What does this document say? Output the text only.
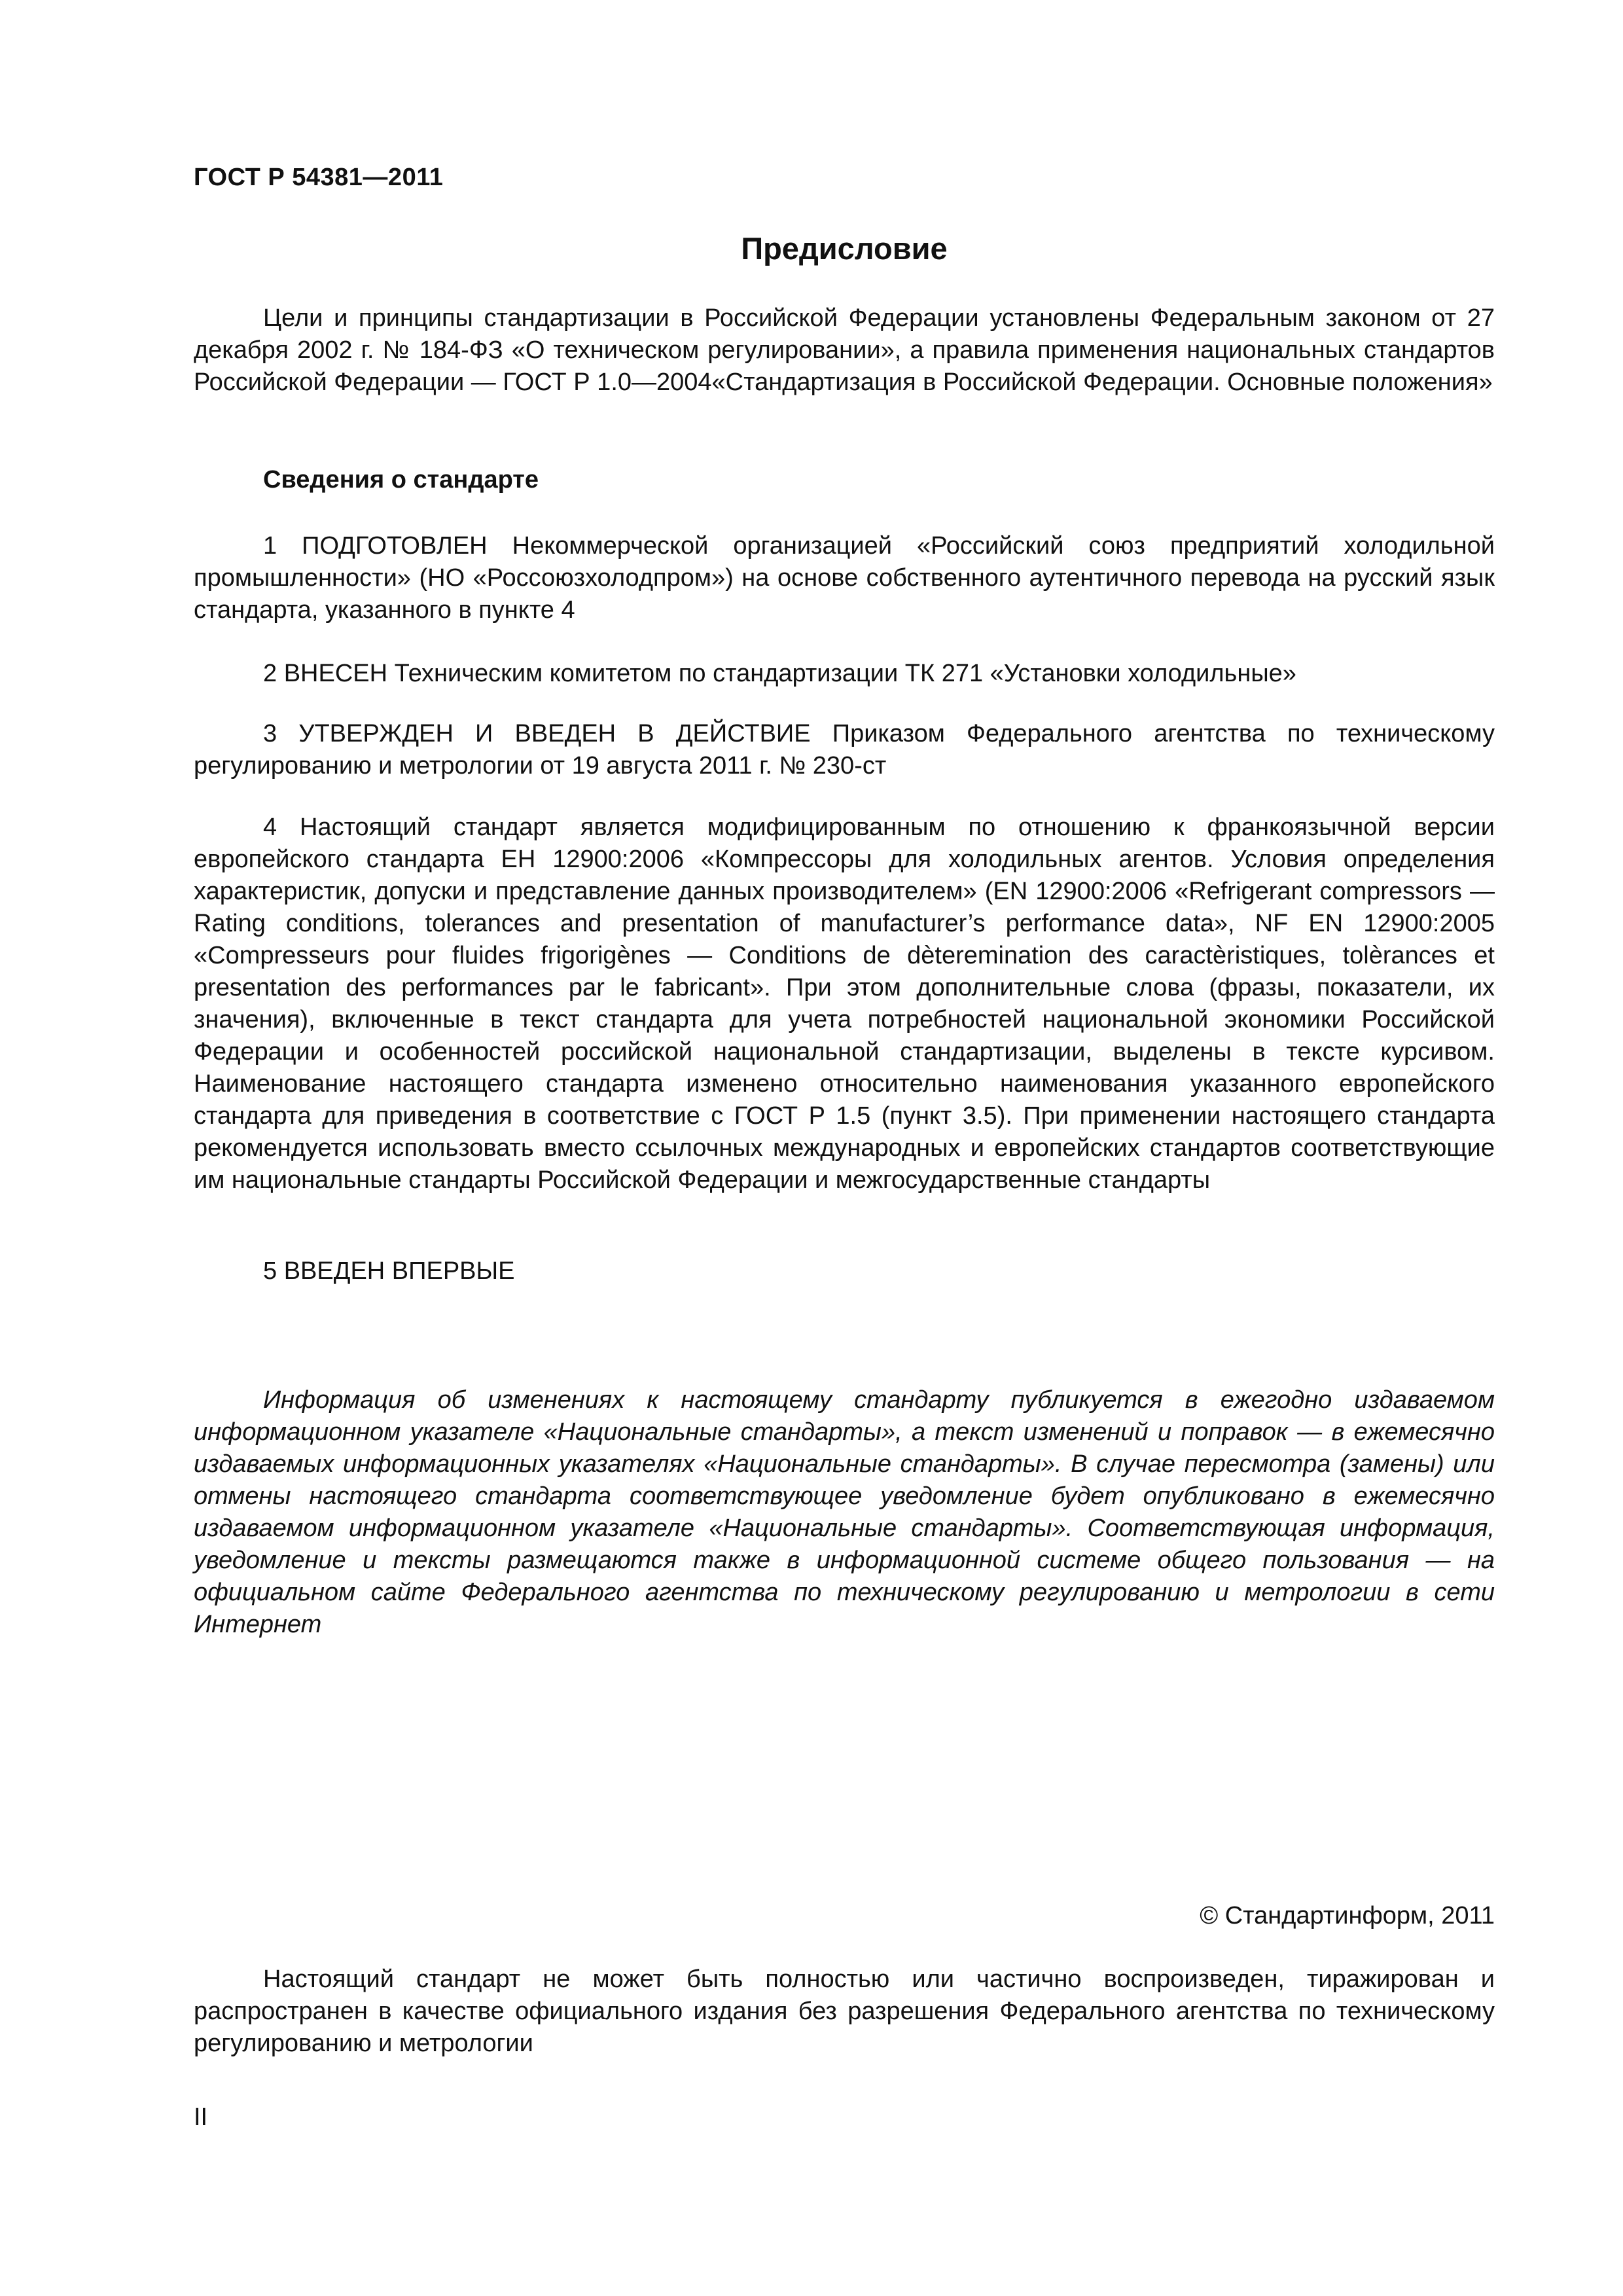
ГОСТ Р 54381—2011
Предисловие

Цели и принципы стандартизации в Российской Федерации установлены Федеральным законом от 27 декабря 2002 г. № 184-ФЗ «О техническом регулировании», а правила применения национальных стандартов Российской Федерации — ГОСТ Р 1.0—2004«Стандартизация в Российской Федерации. Основные положения»

Сведения о стандарте

1 ПОДГОТОВЛЕН Некоммерческой организацией «Российский союз предприятий холодильной промышленности» (НО «Россоюзхолодпром») на основе собственного аутентичного перевода на русский язык стандарта, указанного в пункте 4

2 ВНЕСЕН Техническим комитетом по стандартизации ТК 271 «Установки холодильные»

3 УТВЕРЖДЕН И ВВЕДЕН В ДЕЙСТВИЕ Приказом Федерального агентства по техническому регулированию и метрологии от 19 августа 2011 г. № 230-ст

4 Настоящий стандарт является модифицированным по отношению к франкоязычной версии европейского стандарта ЕН 12900:2006 «Компрессоры для холодильных агентов. Условия определения характеристик, допуски и представление данных производителем» (EN 12900:2006 «Refrigerant compressors — Rating conditions, tolerances and presentation of manufacturer’s performance data», NF EN 12900:2005 «Compresseurs pour fluides frigorigènes — Conditions de dèteremination des caractèristiques, tolèrances et presentation des performances par le fabricant». При этом дополнительные слова (фразы, показатели, их значения), включенные в текст стандарта для учета потребностей национальной экономики Российской Федерации и особенностей российской национальной стандартизации, выделены в тексте курсивом. Наименование настоящего стандарта изменено относительно наименования указанного европейского стандарта для приведения в соответствие с ГОСТ Р 1.5 (пункт 3.5). При применении настоящего стандарта рекомендуется использовать вместо ссылочных международных и европейских стандартов соответствующие им национальные стандарты Российской Федерации и межгосударственные стандарты

5 ВВЕДЕН ВПЕРВЫЕ

Информация об изменениях к настоящему стандарту публикуется в ежегодно издаваемом информационном указателе «Национальные стандарты», а текст изменений и поправок — в ежемесячно издаваемых информационных указателях «Национальные стандарты». В случае пересмотра (замены) или отмены настоящего стандарта соответствующее уведомление будет опубликовано в ежемесячно издаваемом информационном указателе «Национальные стандарты». Соответствующая информация, уведомление и тексты размещаются также в информационной системе общего пользования — на официальном сайте Федерального агентства по техническому регулированию и метрологии в сети Интернет

© Стандартинформ, 2011

Настоящий стандарт не может быть полностью или частично воспроизведен, тиражирован и распространен в качестве официального издания без разрешения Федерального агентства по техническому регулированию и метрологии

II
